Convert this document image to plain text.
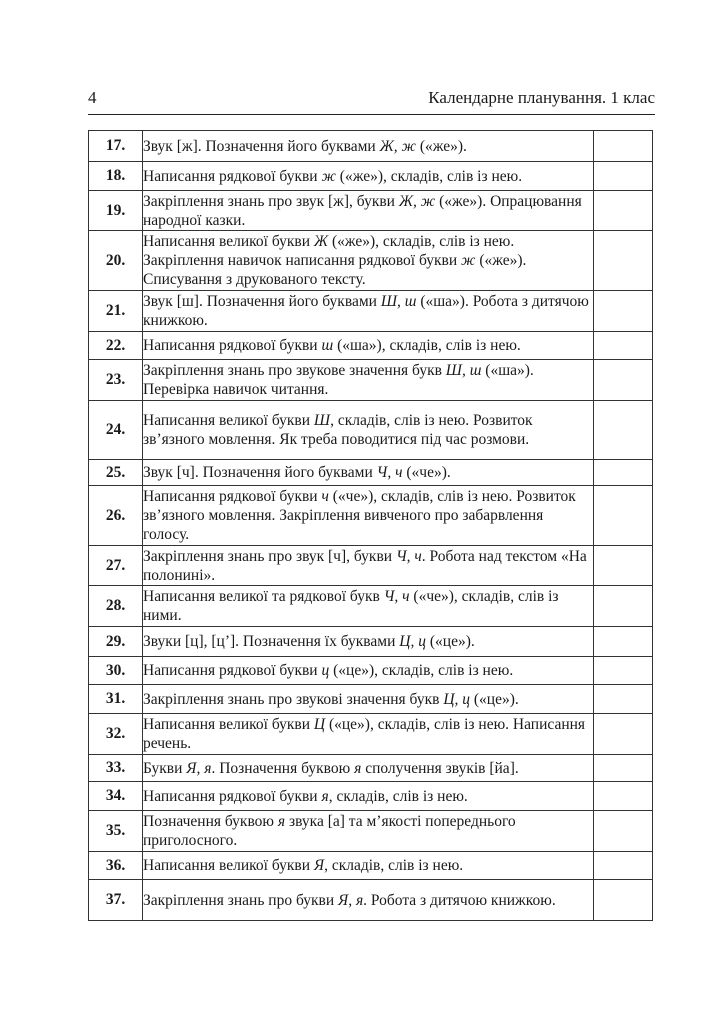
4	Календарне планування. 1 клас
17.	Звук [ж]. Позначення його буквами Ж, ж («же»).	
18.	Написання рядкової букви ж («же»), складів, слів із нею.	
19.	Закріплення знань про звук [ж], букви Ж, ж («же»). Опрацювання народної казки.	
20.	Написання великої букви Ж («же»), складів, слів із нею. Закріплення навичок написання рядкової букви ж («же»). Списування з друкованого тексту.	
21.	Звук [ш]. Позначення його буквами Ш, ш («ша»). Робота з дитячою книжкою.	
22.	Написання рядкової букви ш («ша»), складів, слів із нею.	
23.	Закріплення знань про звукове значення букв Ш, ш («ша»). Перевірка навичок читання.	
24.	Написання великої букви Ш, складів, слів із нею. Розвиток зв’язного мовлення. Як треба поводитися під час розмови.	
25.	Звук [ч]. Позначення його буквами Ч, ч («че»).	
26.	Написання рядкової букви ч («че»), складів, слів із нею. Розвиток зв’язного мовлення. Закріплення вивченого про забарвлення голосу.	
27.	Закріплення знань про звук [ч], букви Ч, ч. Робота над текстом «На полонині».	
28.	Написання великої та рядкової букв Ч, ч («че»), складів, слів із ними.	
29.	Звуки [ц], [ц’]. Позначення їх буквами Ц, ц («це»).	
30.	Написання рядкової букви ц («це»), складів, слів із нею.	
31.	Закріплення знань про звукові значення букв Ц, ц («це»).	
32.	Написання великої букви Ц («це»), складів, слів із нею. Написання речень.	
33.	Букви Я, я. Позначення буквою я сполучення звуків [йа].	
34.	Написання рядкової букви я, складів, слів із нею.	
35.	Позначення буквою я звука [а] та м’якості попереднього приголосного.	
36.	Написання великої букви Я, складів, слів із нею.	
37.	Закріплення знань про букви Я, я. Робота з дитячою книжкою.	
